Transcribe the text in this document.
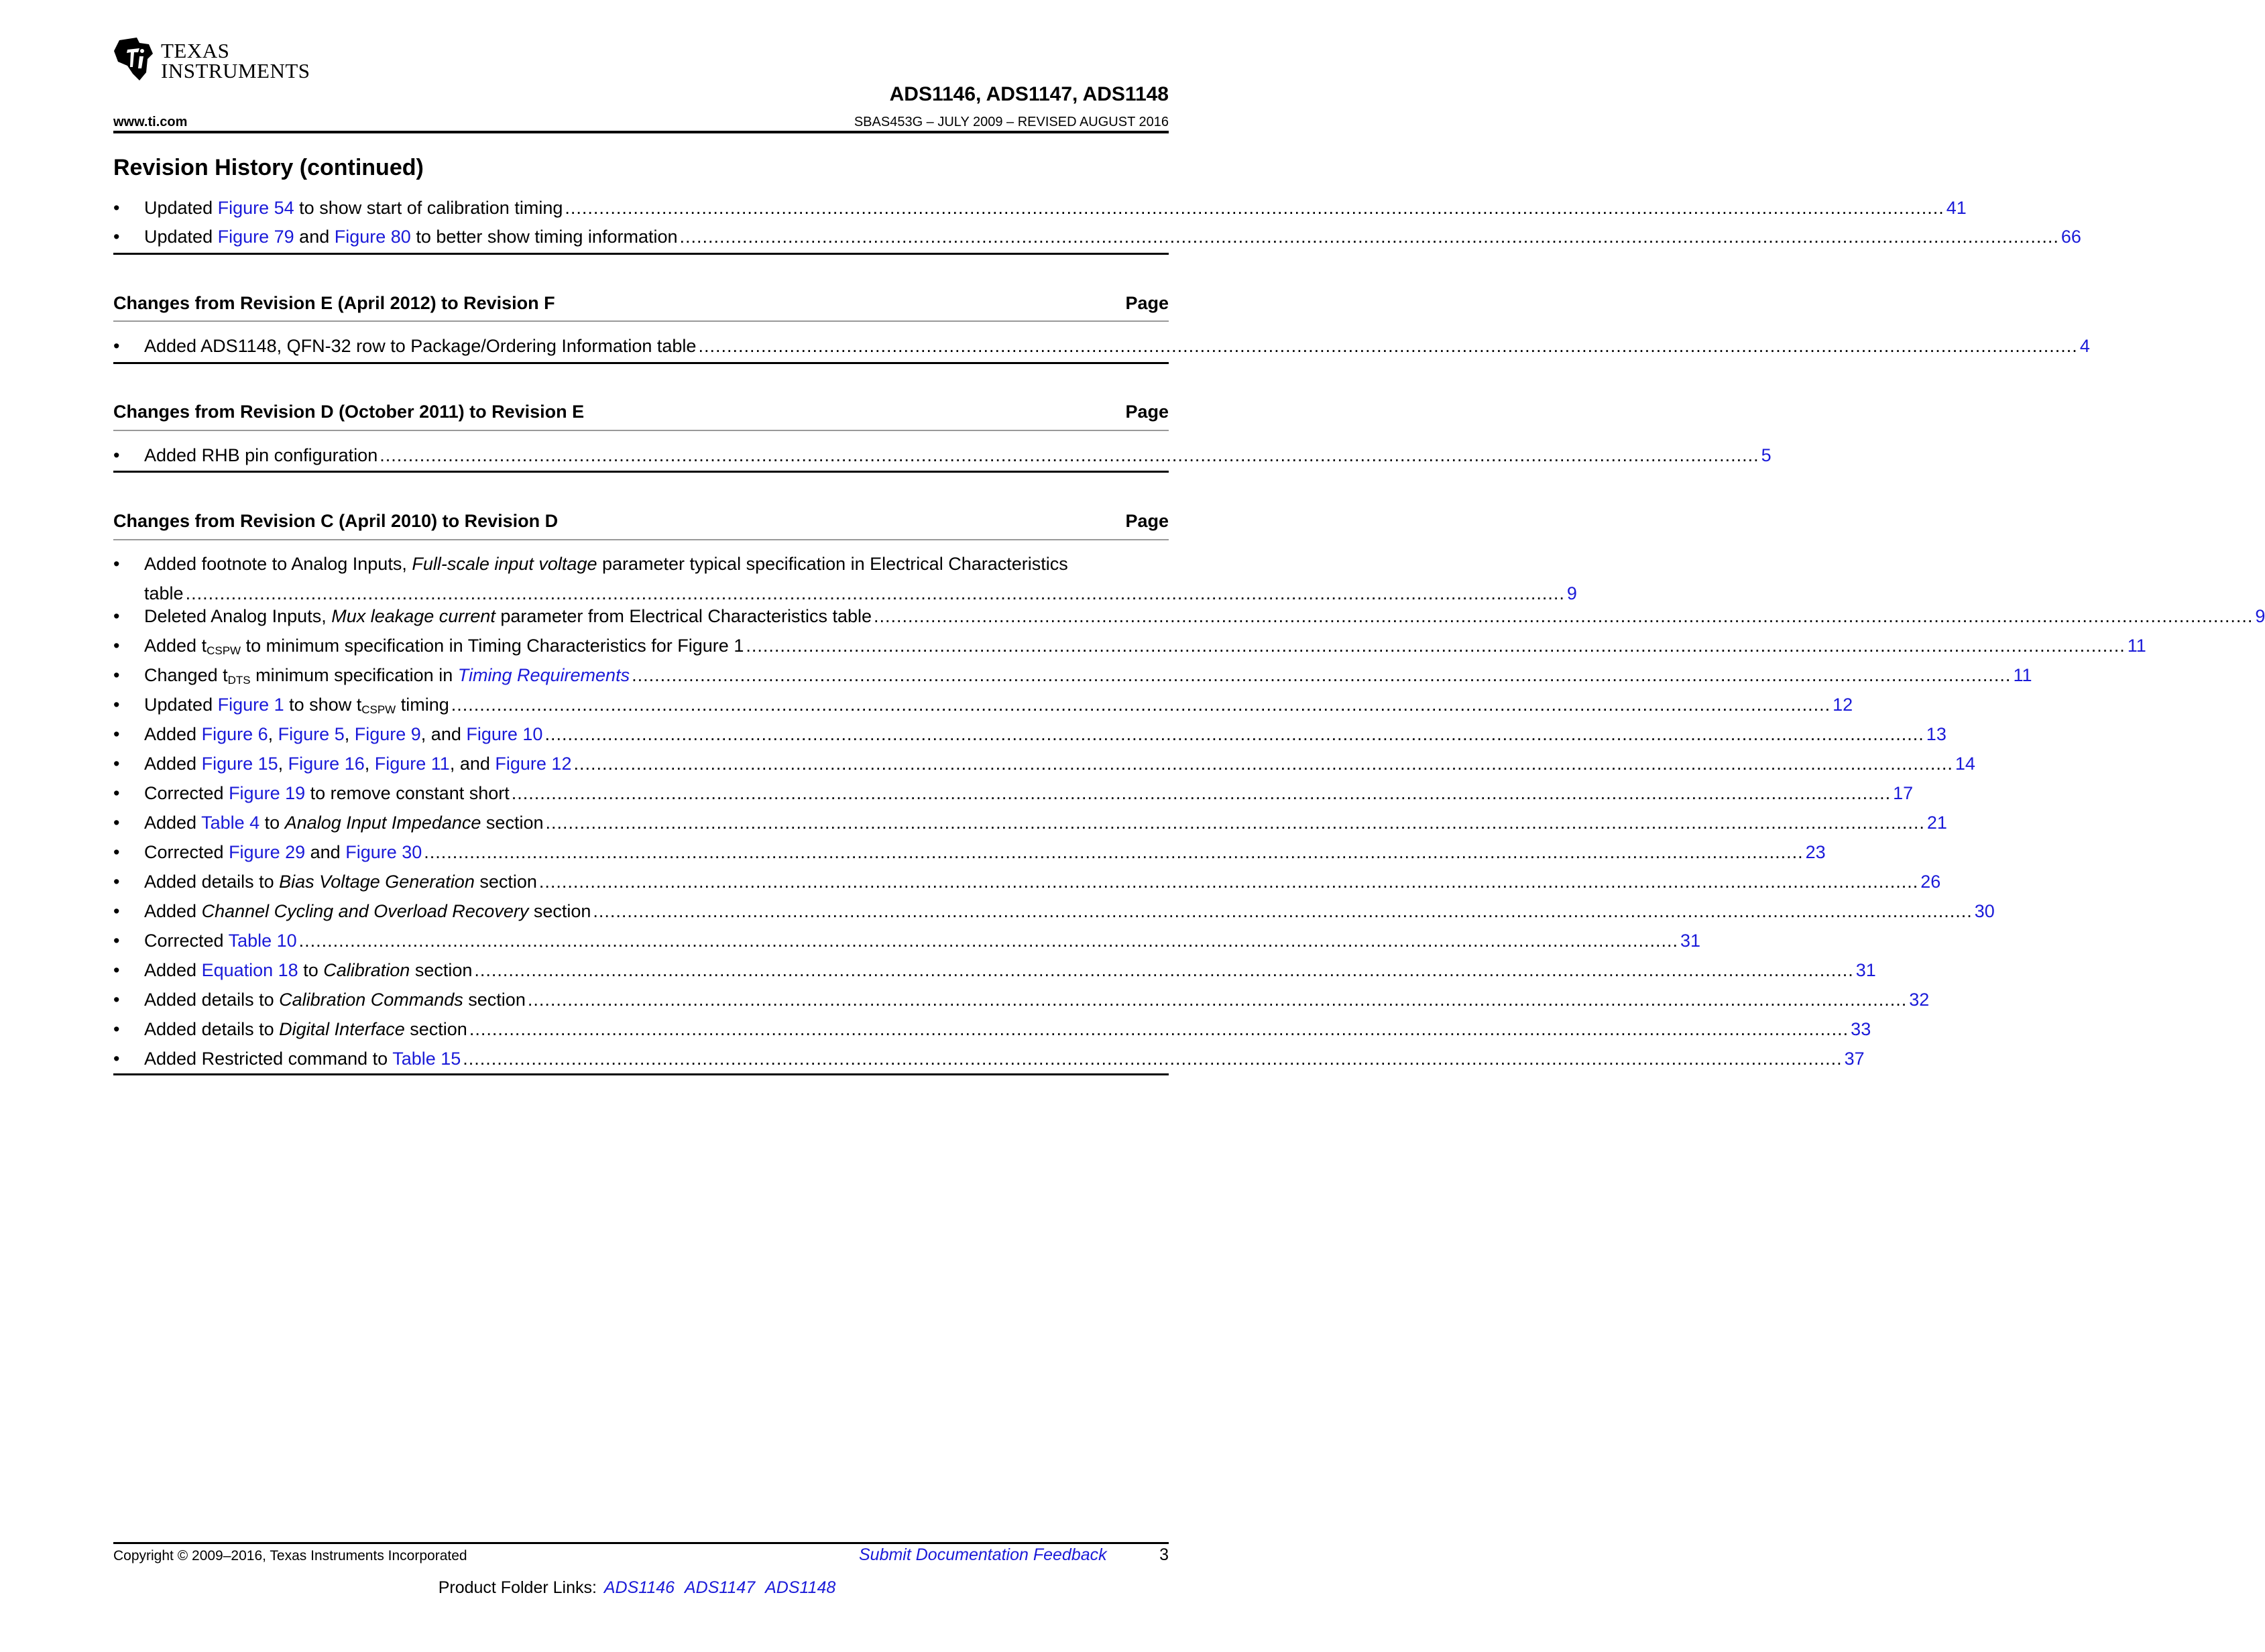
TEXAS
INSTRUMENTS
ADS1146, ADS1147, ADS1148
www.ti.com	SBAS453G – JULY 2009 – REVISED AUGUST 2016
Revision History (continued)
• Updated Figure 54 to show start of calibration timing .................................................................................................................................................................................................................................................. 41
• Updated Figure 79 and Figure 80 to better show timing information .................................................................................................................................................................................................................................................. 66
Changes from Revision E (April 2012) to Revision F	Page
• Added ADS1148, QFN-32 row to Package/Ordering Information table .................................................................................................................................................................................................................................................. 4
Changes from Revision D (October 2011) to Revision E	Page
• Added RHB pin configuration .................................................................................................................................................................................................................................................. 5
Changes from Revision C (April 2010) to Revision D	Page
• Added footnote to Analog Inputs, Full-scale input voltage parameter typical specification in Electrical Characteristics
table .................................................................................................................................................................................................................................................. 9
• Deleted Analog Inputs, Mux leakage current parameter from Electrical Characteristics table .................................................................................................................................................................................................................................................. 9
• Added $t_{CSPW}$ to minimum specification in Timing Characteristics for Figure 1 .................................................................................................................................................................................................................................................. 11
• Changed $t_{DTS}$ minimum specification in Timing Requirements .................................................................................................................................................................................................................................................. 11
• Updated Figure 1 to show $t_{CSPW}$ timing .................................................................................................................................................................................................................................................. 12
• Added Figure 6, Figure 5, Figure 9, and Figure 10 .................................................................................................................................................................................................................................................. 13
• Added Figure 15, Figure 16, Figure 11, and Figure 12 .................................................................................................................................................................................................................................................. 14
• Corrected Figure 19 to remove constant short .................................................................................................................................................................................................................................................. 17
• Added Table 4 to Analog Input Impedance section .................................................................................................................................................................................................................................................. 21
• Corrected Figure 29 and Figure 30 .................................................................................................................................................................................................................................................. 23
• Added details to Bias Voltage Generation section .................................................................................................................................................................................................................................................. 26
• Added Channel Cycling and Overload Recovery section .................................................................................................................................................................................................................................................. 30
• Corrected Table 10 .................................................................................................................................................................................................................................................. 31
• Added Equation 18 to Calibration section .................................................................................................................................................................................................................................................. 31
• Added details to Calibration Commands section .................................................................................................................................................................................................................................................. 32
• Added details to Digital Interface section .................................................................................................................................................................................................................................................. 33
• Added Restricted command to Table 15 .................................................................................................................................................................................................................................................. 37
Copyright © 2009–2016, Texas Instruments Incorporated	Submit Documentation Feedback	3
Product Folder Links: ADS1146 ADS1147 ADS1148
